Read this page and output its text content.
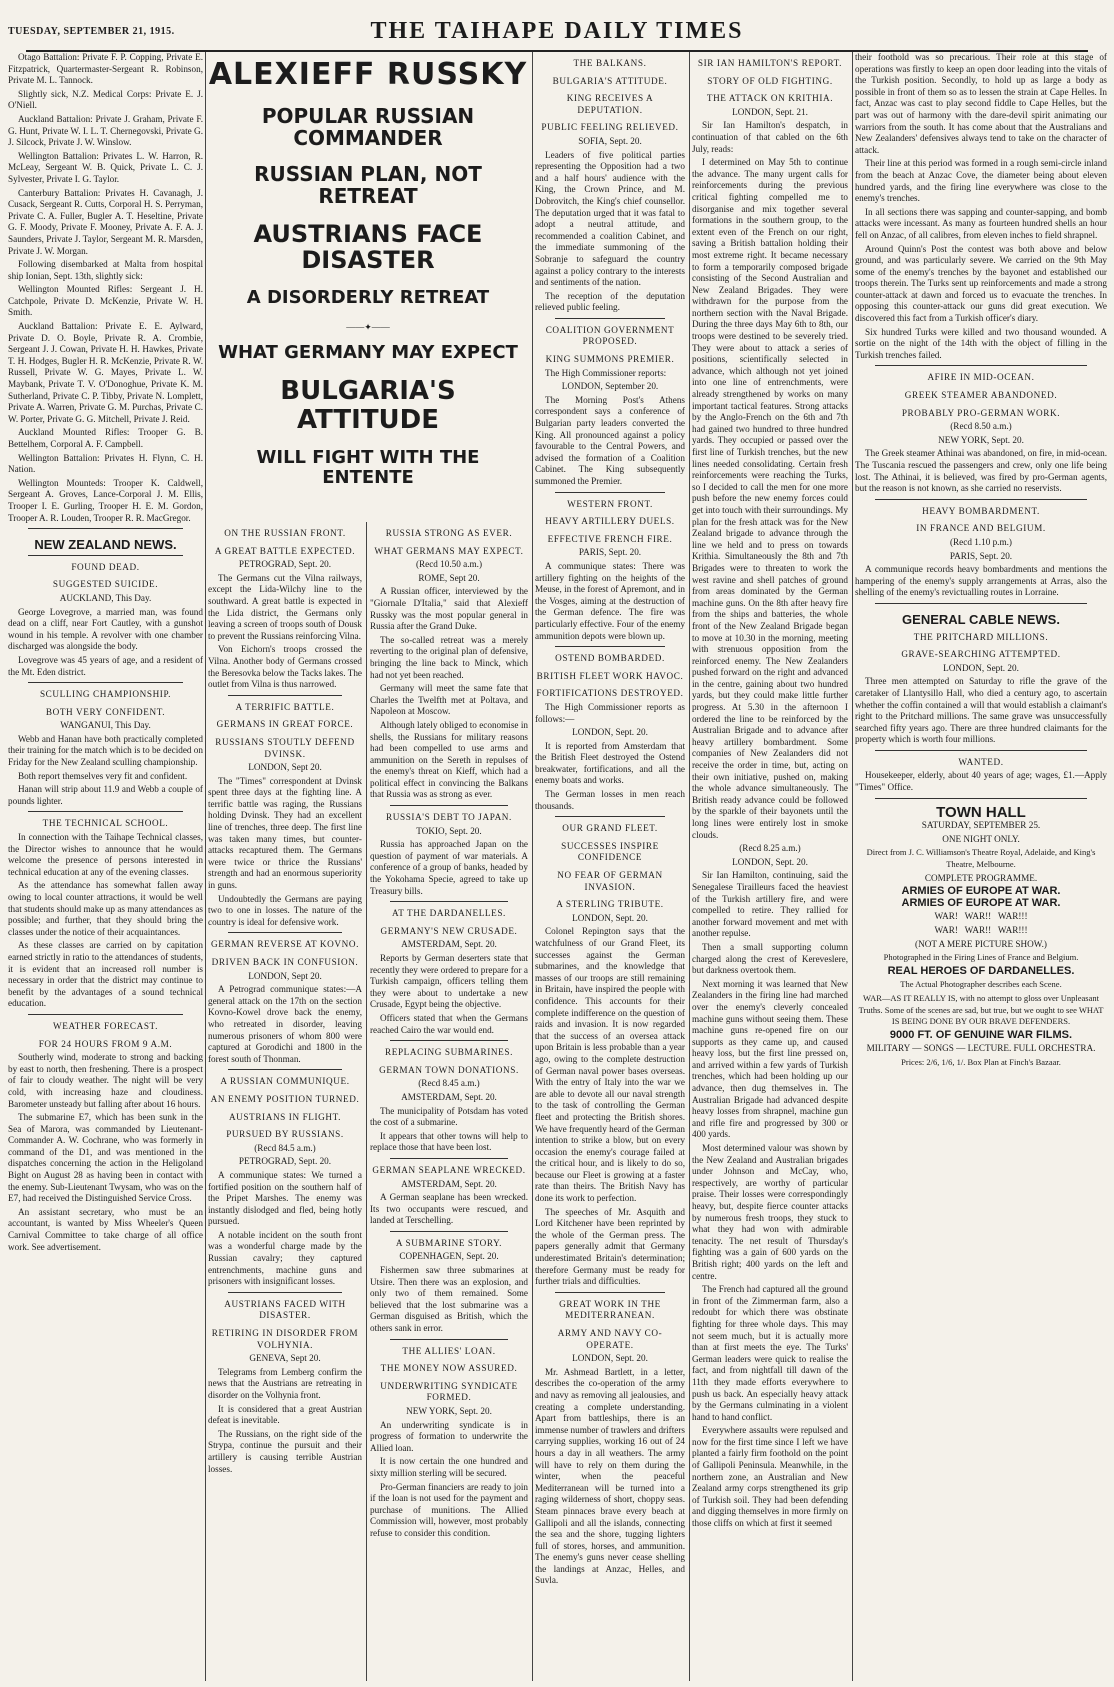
TUESDAY, SEPTEMBER 21, 1915.	THE TAIHAPE DAILY TIMES

Otago Battalion: Private F. P. Copping, Private E. Fitzpatrick, Quartermaster-Sergeant R. Robinson, Private M. L. Tannock.

Slightly sick, N.Z. Medical Corps: Private E. J. O'Niell.

Auckland Battalion: Private J. Graham, Private F. G. Hunt, Private W. I. L. T. Chernegovski, Private G. J. Silcock, Private J. W. Winslow.

Wellington Battalion: Privates L. W. Harron, R. McLeay, Sergeant W. B. Quick, Private L. C. J. Sylvester, Private I. G. Taylor.

Canterbury Battalion: Privates H. Cavanagh, J. Cusack, Sergeant R. Cutts, Corporal H. S. Perryman, Private C. A. Fuller, Bugler A. T. Heseltine, Private G. F. Moody, Private F. Mooney, Private A. F. A. J. Saunders, Private J. Taylor, Sergeant M. R. Marsden, Private J. W. Morgan.

Following disembarked at Malta from hospital ship Ionian, Sept. 13th, slightly sick:

Wellington Mounted Rifles: Sergeant J. H. Catchpole, Private D. McKenzie, Private W. H. Smith.

Auckland Battalion: Private E. E. Aylward, Private D. O. Boyle, Private R. A. Crombie, Sergeant J. J. Cowan, Private H. H. Hawkes, Private T. H. Hodges, Bugler H. R. McKenzie, Private R. W. Russell, Private W. G. Mayes, Private L. W. Maybank, Private T. V. O'Donoghue, Private K. M. Sutherland, Private C. P. Tibby, Private N. Lomplett, Private A. Warren, Private G. M. Purchas, Private C. W. Porter, Private G. G. Mitchell, Private J. Reid.

Auckland Mounted Rifles: Trooper G. B. Bettelhem, Corporal A. F. Campbell.

Wellington Battalion: Privates H. Flynn, C. H. Nation.

Wellington Mounteds: Trooper K. Caldwell, Sergeant A. Groves, Lance-Corporal J. M. Ellis, Trooper I. E. Gurling, Trooper H. E. M. Gordon, Trooper A. R. Louden, Trooper R. R. MacGregor.

NEW ZEALAND NEWS.
FOUND DEAD.
SUGGESTED SUICIDE.
AUCKLAND, This Day.

George Lovegrove, a married man, was found dead on a cliff, near Fort Cautley, with a gunshot wound in his temple. A revolver with one chamber discharged was alongside the body.

Lovegrove was 45 years of age, and a resident of the Mt. Eden district.

SCULLING CHAMPIONSHIP.
BOTH VERY CONFIDENT.
WANGANUI, This Day.

Webb and Hanan have both practically completed their training for the match which is to be decided on Friday for the New Zealand sculling championship.

Both report themselves very fit and confident.

Hanan will strip about 11.9 and Webb a couple of pounds lighter.

THE TECHNICAL SCHOOL.

In connection with the Taihape Technical classes, the Director wishes to announce that he would welcome the presence of persons interested in technical education at any of the evening classes.

As the attendance has somewhat fallen away owing to local counter attractions, it would be well that students should make up as many attendances as possible; and further, that they should bring the classes under the notice of their acquaintances.

As these classes are carried on by capitation earned strictly in ratio to the attendances of students, it is evident that an increased roll number is necessary in order that the district may continue to benefit by the advantages of a sound technical education.

WEATHER FORECAST.
FOR 24 HOURS FROM 9 A.M.

Southerly wind, moderate to strong and backing by east to north, then freshening. There is a prospect of fair to cloudy weather. The night will be very cold, with increasing haze and cloudiness. Barometer unsteady but falling after about 16 hours.

The submarine E7, which has been sunk in the Sea of Marora, was commanded by Lieutenant-Commander A. W. Cochrane, who was formerly in command of the D1, and was mentioned in the dispatches concerning the action in the Heligoland Bight on August 28 as having been in contact with the enemy. Sub-Lieutenant Twysam, who was on the E7, had received the Distinguished Service Cross.

An assistant secretary, who must be an accountant, is wanted by Miss Wheeler's Queen Carnival Committee to take charge of all office work. See advertisement.

ALEXIEFF RUSSKY
POPULAR RUSSIAN COMMANDER
RUSSIAN PLAN, NOT RETREAT
AUSTRIANS FACE DISASTER
A DISORDERLY RETREAT
——✦——
WHAT GERMANY MAY EXPECT
BULGARIA'S ATTITUDE
WILL FIGHT WITH THE ENTENTE
ON THE RUSSIAN FRONT.
A GREAT BATTLE EXPECTED.
PETROGRAD, Sept. 20.

The Germans cut the Vilna railways, except the Lida-Wilchy line to the southward. A great battle is expected in the Lida district, the Germans only leaving a screen of troops south of Dousk to prevent the Russians reinforcing Vilna.

Von Eichorn's troops crossed the Vilna. Another body of Germans crossed the Beresovka below the Tacks lakes. The outlet from Vilna is thus narrowed.

A TERRIFIC BATTLE.
GERMANS IN GREAT FORCE.
RUSSIANS STOUTLY DEFEND DVINSK.
LONDON, Sept 20.

The "Times" correspondent at Dvinsk spent three days at the fighting line. A terrific battle was raging, the Russians holding Dvinsk. They had an excellent line of trenches, three deep. The first line was taken many times, but counter-attacks recaptured them. The Germans were twice or thrice the Russians' strength and had an enormous superiority in guns.

Undoubtedly the Germans are paying two to one in losses. The nature of the country is ideal for defensive work.

GERMAN REVERSE AT KOVNO.
DRIVEN BACK IN CONFUSION.
LONDON, Sept 20.

A Petrograd communique states:—A general attack on the 17th on the section Kovno-Kowel drove back the enemy, who retreated in disorder, leaving numerous prisoners of whom 800 were captured at Gorodichi and 1800 in the forest south of Thonman.

A RUSSIAN COMMUNIQUE.
AN ENEMY POSITION TURNED.
AUSTRIANS IN FLIGHT.
PURSUED BY RUSSIANS.
(Recd 84.5 a.m.)
PETROGRAD, Sept. 20.

A communique states: We turned a fortified position on the southern half of the Pripet Marshes. The enemy was instantly dislodged and fled, being hotly pursued.

A notable incident on the south front was a wonderful charge made by the Russian cavalry; they captured entrenchments, machine guns and prisoners with insignificant losses.

AUSTRIANS FACED WITH DISASTER.
RETIRING IN DISORDER FROM VOLHYNIA.
GENEVA, Sept 20.

Telegrams from Lemberg confirm the news that the Austrians are retreating in disorder on the Volhynia front.

It is considered that a great Austrian defeat is inevitable.

The Russians, on the right side of the Strypa, continue the pursuit and their artillery is causing terrible Austrian losses.

RUSSIA STRONG AS EVER.
WHAT GERMANS MAY EXPECT.
(Recd 10.50 a.m.)
ROME, Sept 20.

A Russian officer, interviewed by the "Giornale D'Italia," said that Alexieff Russky was the most popular general in Russia after the Grand Duke.

The so-called retreat was a merely reverting to the original plan of defensive, bringing the line back to Minck, which had not yet been reached.

Germany will meet the same fate that Charles the Twelfth met at Poltava, and Napoleon at Moscow.

Although lately obliged to economise in shells, the Russians for military reasons had been compelled to use arms and ammunition on the Sereth in repulses of the enemy's threat on Kieff, which had a political effect in convincing the Balkans that Russia was as strong as ever.

RUSSIA'S DEBT TO JAPAN.
TOKIO, Sept. 20.

Russia has approached Japan on the question of payment of war materials. A conference of a group of banks, headed by the Yokohama Specie, agreed to take up Treasury bills.

AT THE DARDANELLES.
GERMANY'S NEW CRUSADE.
AMSTERDAM, Sept. 20.

Reports by German deserters state that recently they were ordered to prepare for a Turkish campaign, officers telling them they were about to undertake a new Crusade, Egypt being the objective.

Officers stated that when the Germans reached Cairo the war would end.

REPLACING SUBMARINES.
GERMAN TOWN DONATIONS.
(Recd 8.45 a.m.)
AMSTERDAM, Sept. 20.

The municipality of Potsdam has voted the cost of a submarine.

It appears that other towns will help to replace those that have been lost.

GERMAN SEAPLANE WRECKED.
AMSTERDAM, Sept. 20.

A German seaplane has been wrecked. Its two occupants were rescued, and landed at Terschelling.

A SUBMARINE STORY.
COPENHAGEN, Sept. 20.

Fishermen saw three submarines at Utsire. Then there was an explosion, and only two of them remained. Some believed that the lost submarine was a German disguised as British, which the others sank in error.

THE ALLIES' LOAN.
THE MONEY NOW ASSURED.
UNDERWRITING SYNDICATE FORMED.
NEW YORK, Sept. 20.

An underwriting syndicate is in progress of formation to underwrite the Allied loan.

It is now certain the one hundred and sixty million sterling will be secured.

Pro-German financiers are ready to join if the loan is not used for the payment and purchase of munitions. The Allied Commission will, however, most probably refuse to consider this condition.

THE BALKANS.
BULGARIA'S ATTITUDE.
KING RECEIVES A DEPUTATION.
PUBLIC FEELING RELIEVED.
SOFIA, Sept. 20.

Leaders of five political parties representing the Opposition had a two and a half hours' audience with the King, the Crown Prince, and M. Dobrovitch, the King's chief counsellor. The deputation urged that it was fatal to adopt a neutral attitude, and recommended a coalition Cabinet, and the immediate summoning of the Sobranje to safeguard the country against a policy contrary to the interests and sentiments of the nation.

The reception of the deputation relieved public feeling.

COALITION GOVERNMENT PROPOSED.
KING SUMMONS PREMIER.

The High Commissioner reports:

LONDON, September 20.

The Morning Post's Athens correspondent says a conference of Bulgarian party leaders converted the King. All pronounced against a policy favourable to the Central Powers, and advised the formation of a Coalition Cabinet. The King subsequently summoned the Premier.

WESTERN FRONT.
HEAVY ARTILLERY DUELS.
EFFECTIVE FRENCH FIRE.
PARIS, Sept. 20.

A communique states: There was artillery fighting on the heights of the Meuse, in the forest of Apremont, and in the Vosges, aiming at the destruction of the German defence. The fire was particularly effective. Four of the enemy ammunition depots were blown up.

OSTEND BOMBARDED.
BRITISH FLEET WORK HAVOC.
FORTIFICATIONS DESTROYED.

The High Commissioner reports as follows:—

LONDON, Sept. 20.

It is reported from Amsterdam that the British Fleet destroyed the Ostend breakwater, fortifications, and all the enemy boats and works.

The German losses in men reach thousands.

OUR GRAND FLEET.
SUCCESSES INSPIRE CONFIDENCE
NO FEAR OF GERMAN INVASION.
A STERLING TRIBUTE.
LONDON, Sept. 20.

Colonel Repington says that the watchfulness of our Grand Fleet, its successes against the German submarines, and the knowledge that masses of our troops are still remaining in Britain, have inspired the people with confidence. This accounts for their complete indifference on the question of raids and invasion. It is now regarded that the success of an oversea attack upon Britain is less probable than a year ago, owing to the complete destruction of German naval power bases overseas. With the entry of Italy into the war we are able to devote all our naval strength to the task of controlling the German fleet and protecting the British shores. We have frequently heard of the German intention to strike a blow, but on every occasion the enemy's courage failed at the critical hour, and is likely to do so, because our Fleet is growing at a faster rate than theirs. The British Navy has done its work to perfection.

The speeches of Mr. Asquith and Lord Kitchener have been reprinted by the whole of the German press. The papers generally admit that Germany underestimated Britain's determination; therefore Germany must be ready for further trials and difficulties.

GREAT WORK IN THE MEDITERRANEAN.
ARMY AND NAVY CO-OPERATE.
LONDON, Sept. 20.

Mr. Ashmead Bartlett, in a letter, describes the co-operation of the army and navy as removing all jealousies, and creating a complete understanding. Apart from battleships, there is an immense number of trawlers and drifters carrying supplies, working 16 out of 24 hours a day in all weathers. The army will have to rely on them during the winter, when the peaceful Mediterranean will be turned into a raging wilderness of short, choppy seas. Steam pinnaces brave every beach at Gallipoli and all the islands, connecting the sea and the shore, tugging lighters full of stores, horses, and ammunition. The enemy's guns never cease shelling the landings at Anzac, Helles, and Suvla.

SIR IAN HAMILTON'S REPORT.
STORY OF OLD FIGHTING.
THE ATTACK ON KRITHIA.
LONDON, Sept. 21.

Sir Ian Hamilton's despatch, in continuation of that cabled on the 6th July, reads:

I determined on May 5th to continue the advance. The many urgent calls for reinforcements during the previous critical fighting compelled me to disorganise and mix together several formations in the southern group, to the extent even of the French on our right, saving a British battalion holding their most extreme right. It became necessary to form a temporarily composed brigade consisting of the Second Australian and New Zealand Brigades. They were withdrawn for the purpose from the northern section with the Naval Brigade. During the three days May 6th to 8th, our troops were destined to be severely tried. They were about to attack a series of positions, scientifically selected in advance, which although not yet joined into one line of entrenchments, were already strengthened by works on many important tactical features. Strong attacks by the Anglo-French on the 6th and 7th had gained two hundred to three hundred yards. They occupied or passed over the first line of Turkish trenches, but the new lines needed consolidating. Certain fresh reinforcements were reaching the Turks, so I decided to call the men for one more push before the new enemy forces could get into touch with their surroundings. My plan for the fresh attack was for the New Zealand brigade to advance through the line we held and to press on towards Krithia. Simultaneously the 8th and 7th Brigades were to threaten to work the west ravine and shell patches of ground from areas dominated by the German machine guns. On the 8th after heavy fire from the ships and batteries, the whole front of the New Zealand Brigade began to move at 10.30 in the morning, meeting with strenuous opposition from the reinforced enemy. The New Zealanders pushed forward on the right and advanced in the centre, gaining about two hundred yards, but they could make little further progress. At 5.30 in the afternoon I ordered the line to be reinforced by the Australian Brigade and to advance after heavy artillery bombardment. Some companies of New Zealanders did not receive the order in time, but, acting on their own initiative, pushed on, making the whole advance simultaneously. The British ready advance could be followed by the sparkle of their bayonets until the long lines were entirely lost in smoke clouds.

(Recd 8.25 a.m.)
LONDON, Sept. 20.

Sir Ian Hamilton, continuing, said the Senegalese Tirailleurs faced the heaviest of the Turkish artillery fire, and were compelled to retire. They rallied for another forward movement and met with another repulse.

Then a small supporting column charged along the crest of Kereveslere, but darkness overtook them.

Next morning it was learned that New Zealanders in the firing line had marched over the enemy's cleverly concealed machine guns without seeing them. These machine guns re-opened fire on our supports as they came up, and caused heavy loss, but the first line pressed on, and arrived within a few yards of Turkish trenches, which had been holding up our advance, then dug themselves in. The Australian Brigade had advanced despite heavy losses from shrapnel, machine gun and rifle fire and progressed by 300 or 400 yards.

Most determined valour was shown by the New Zealand and Australian brigades under Johnson and McCay, who, respectively, are worthy of particular praise. Their losses were correspondingly heavy, but, despite fierce counter attacks by numerous fresh troops, they stuck to what they had won with admirable tenacity. The net result of Thursday's fighting was a gain of 600 yards on the British right; 400 yards on the left and centre.

The French had captured all the ground in front of the Zimmerman farm, also a redoubt for which there was obstinate fighting for three whole days. This may not seem much, but it is actually more than at first meets the eye. The Turks' German leaders were quick to realise the fact, and from nightfall till dawn of the 11th they made efforts everywhere to push us back. An especially heavy attack by the Germans culminating in a violent hand to hand conflict.

Everywhere assaults were repulsed and now for the first time since I left we have planted a fairly firm foothold on the point of Gallipoli Peninsula. Meanwhile, in the northern zone, an Australian and New Zealand army corps strengthened its grip of Turkish soil. They had been defending and digging themselves in more firmly on those cliffs on which at first it seemed

their foothold was so precarious. Their role at this stage of operations was firstly to keep an open door leading into the vitals of the Turkish position. Secondly, to hold up as large a body as possible in front of them so as to lessen the strain at Cape Helles. In fact, Anzac was cast to play second fiddle to Cape Helles, but the part was out of harmony with the dare-devil spirit animating our warriors from the south. It has come about that the Australians and New Zealanders' defensives always tend to take on the character of attack.

Their line at this period was formed in a rough semi-circle inland from the beach at Anzac Cove, the diameter being about eleven hundred yards, and the firing line everywhere was close to the enemy's trenches.

In all sections there was sapping and counter-sapping, and bomb attacks were incessant. As many as fourteen hundred shells an hour fell on Anzac, of all calibres, from eleven inches to field shrapnel.

Around Quinn's Post the contest was both above and below ground, and was particularly severe. We carried on the 9th May some of the enemy's trenches by the bayonet and established our troops therein. The Turks sent up reinforcements and made a strong counter-attack at dawn and forced us to evacuate the trenches. In opposing this counter-attack our guns did great execution. We discovered this fact from a Turkish officer's diary.

Six hundred Turks were killed and two thousand wounded. A sortie on the night of the 14th with the object of filling in the Turkish trenches failed.

AFIRE IN MID-OCEAN.
GREEK STEAMER ABANDONED.
PROBABLY PRO-GERMAN WORK.
(Recd 8.50 a.m.)
NEW YORK, Sept. 20.

The Greek steamer Athinai was abandoned, on fire, in mid-ocean. The Tuscania rescued the passengers and crew, only one life being lost. The Athinai, it is believed, was fired by pro-German agents, but the reason is not known, as she carried no reservists.

HEAVY BOMBARDMENT.
IN FRANCE AND BELGIUM.
(Recd 1.10 p.m.)
PARIS, Sept. 20.

A communique records heavy bombardments and mentions the hampering of the enemy's supply arrangements at Arras, also the shelling of the enemy's revictualling routes in Lorraine.

GENERAL CABLE NEWS.
THE PRITCHARD MILLIONS.
GRAVE-SEARCHING ATTEMPTED.
LONDON, Sept. 20.

Three men attempted on Saturday to rifle the grave of the caretaker of Llantysillo Hall, who died a century ago, to ascertain whether the coffin contained a will that would establish a claimant's right to the Pritchard millions. The same grave was unsuccessfully searched fifty years ago. There are three hundred claimants for the property which is worth four millions.

WANTED.

Housekeeper, elderly, about 40 years of age; wages, £1.—Apply "Times" Office.

TOWN HALL
SATURDAY, SEPTEMBER 25.
ONE NIGHT ONLY.
Direct from J. C. Williamson's Theatre Royal, Adelaide, and King's Theatre, Melbourne.
COMPLETE PROGRAMME.
ARMIES OF EUROPE AT WAR.
ARMIES OF EUROPE AT WAR.
WAR!   WAR!!   WAR!!!
WAR!   WAR!!   WAR!!!
(NOT A MERE PICTURE SHOW.)
Photographed in the Firing Lines of France and Belgium.
REAL HEROES OF DARDANELLES.
The Actual Photographer describes each Scene.
WAR—AS IT REALLY IS, with no attempt to gloss over Unpleasant Truths. Some of the scenes are sad, but true, but we ought to see WHAT IS BEING DONE BY OUR BRAVE DEFENDERS.
9000 FT. OF GENUINE WAR FILMS.
MILITARY — SONGS — LECTURE. FULL ORCHESTRA.
Prices: 2/6, 1/6, 1/. Box Plan at Finch's Bazaar.
